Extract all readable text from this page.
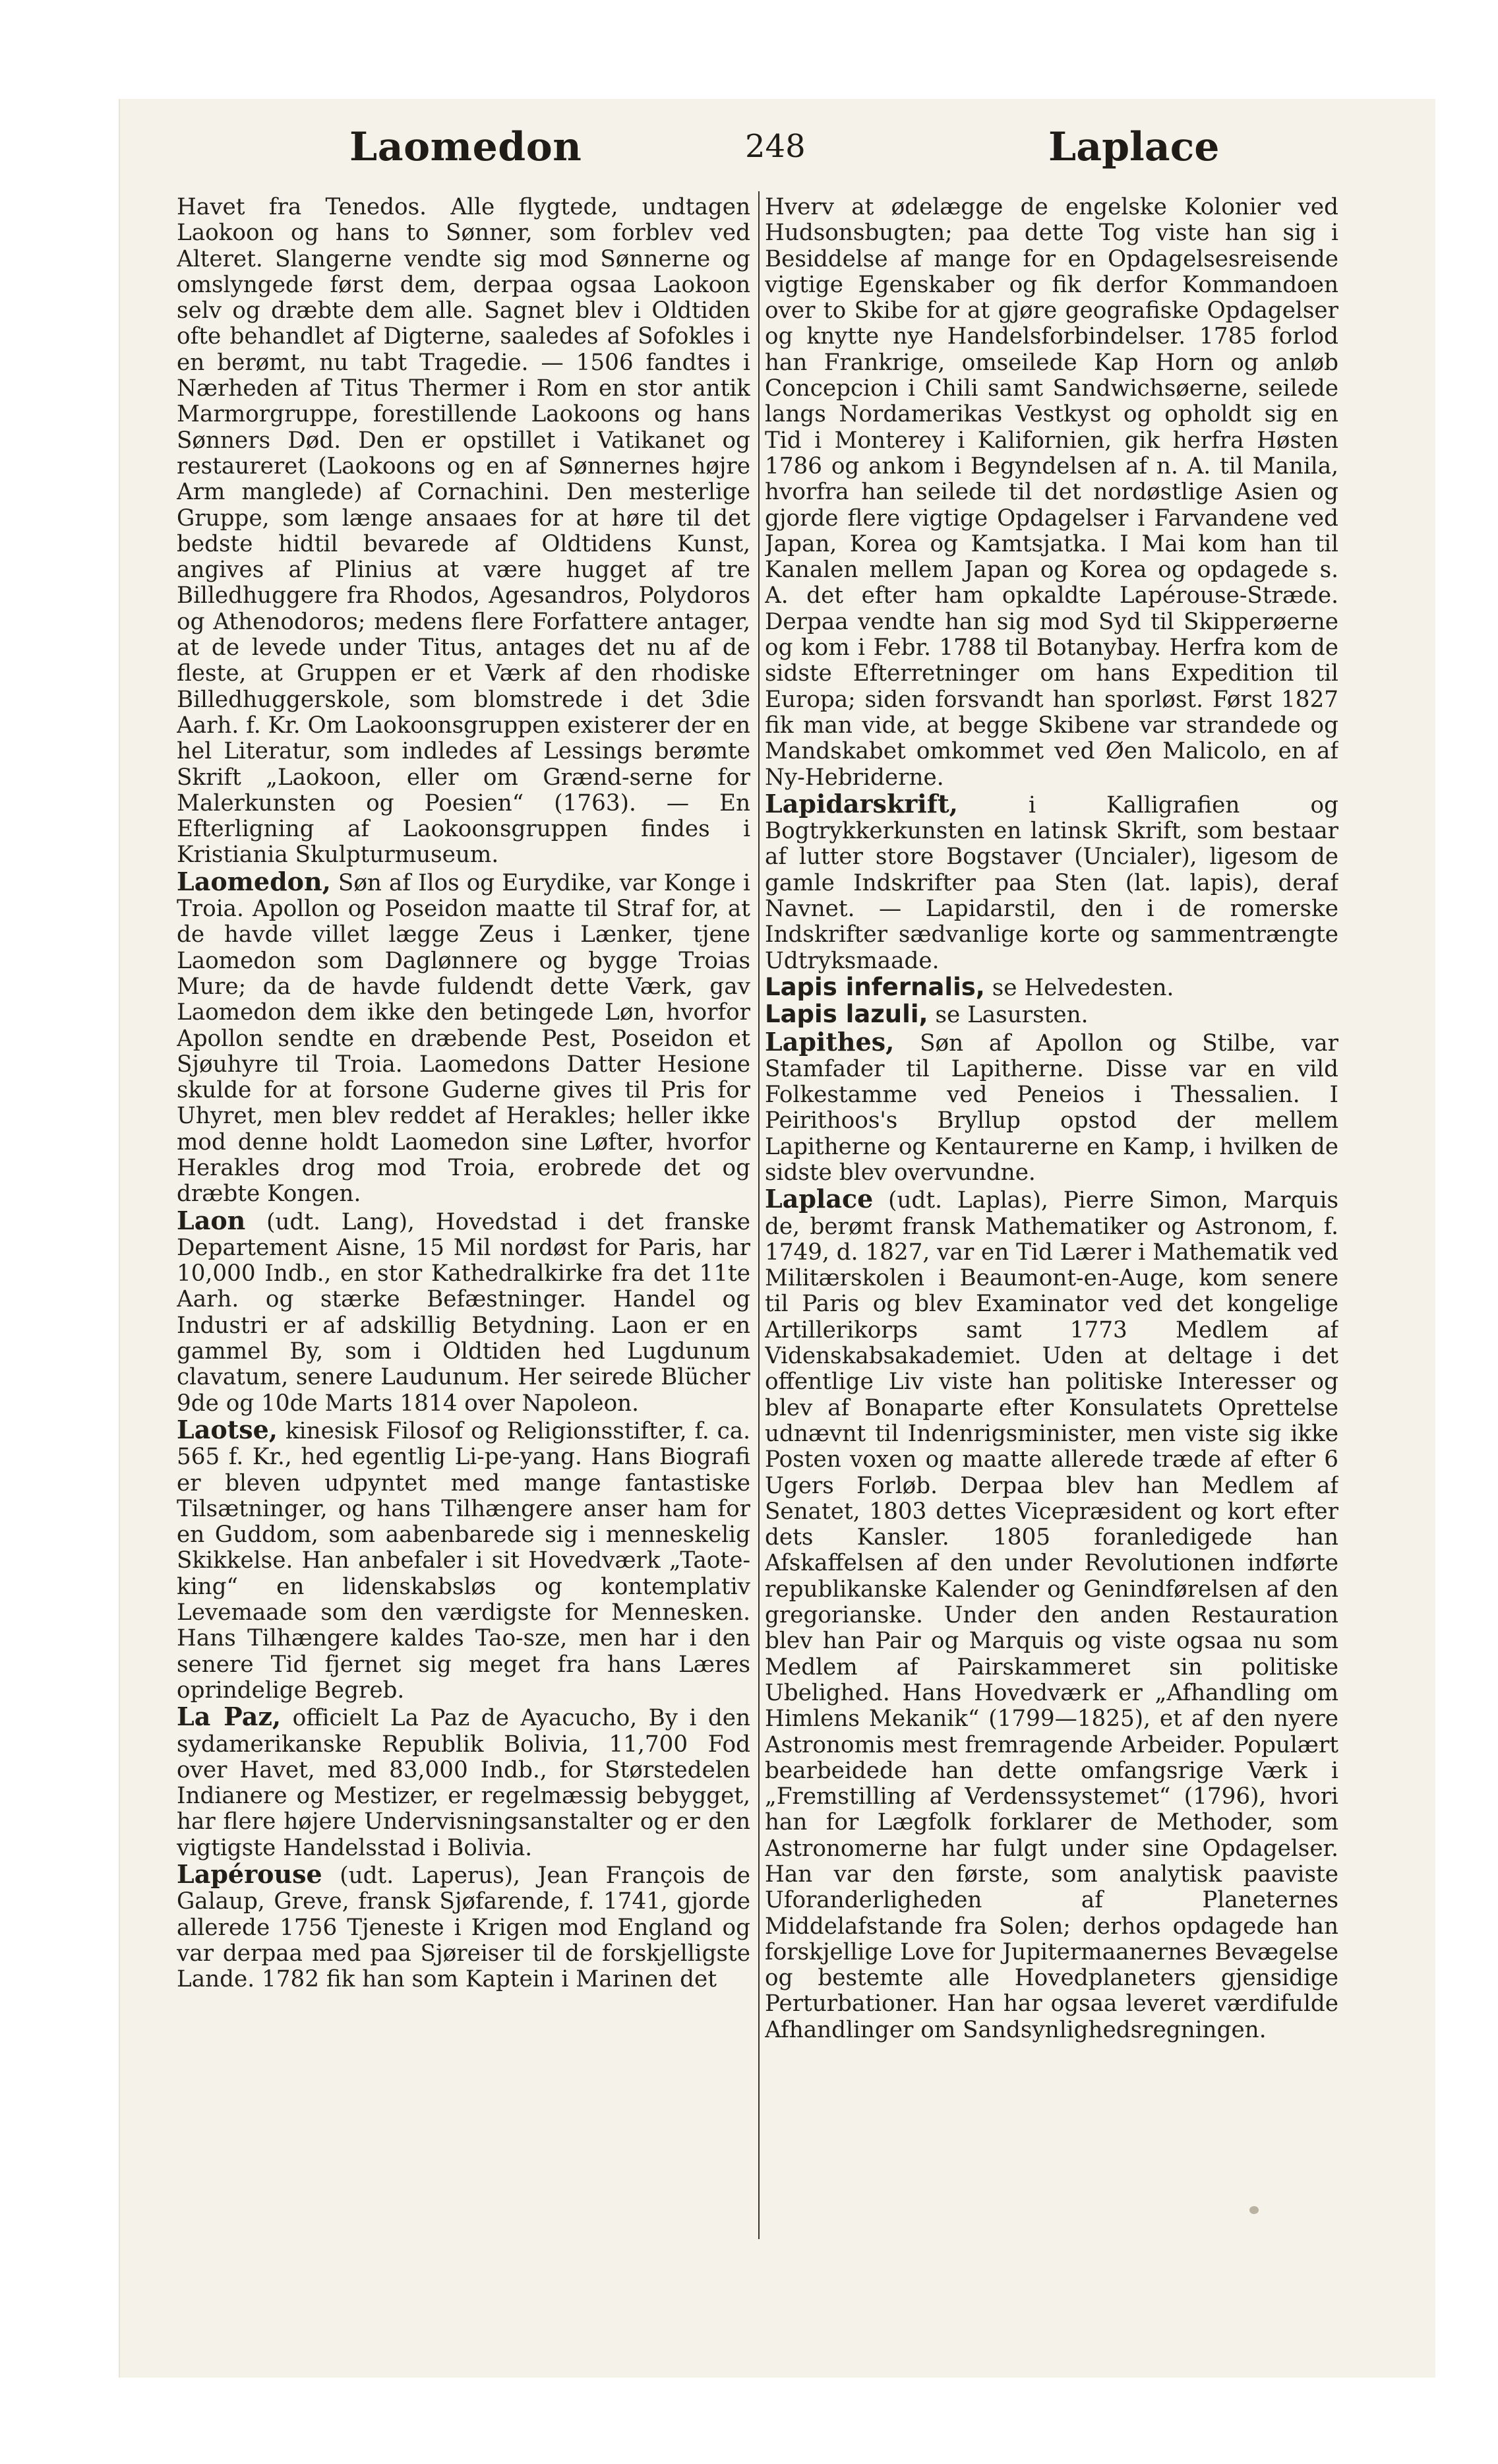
Laomedon	248	Laplace

Havet fra Tenedos. Alle flygtede, undtagen Laokoon og hans to Sønner, som forblev ved Alteret. Slangerne vendte sig mod Sønnerne og omslyngede først dem, derpaa ogsaa Laokoon selv og dræbte dem alle. Sagnet blev i Oldtiden ofte behandlet af Digterne, saaledes af Sofokles i en berømt, nu tabt Tragedie. — 1506 fandtes i Nærheden af Titus Thermer i Rom en stor antik Marmorgruppe, forestillende Laokoons og hans Sønners Død. Den er opstillet i Vatikanet og restaureret (Laokoons og en af Sønnernes højre Arm manglede) af Cornachini. Den mesterlige Gruppe, som længe ansaaes for at høre til det bedste hidtil bevarede af Oldtidens Kunst, angives af Plinius at være hugget af tre Billedhuggere fra Rhodos, Agesandros, Polydoros og Athenodoros; medens flere Forfattere antager, at de levede under Titus, antages det nu af de fleste, at Gruppen er et Værk af den rhodiske Billedhuggerskole, som blomstrede i det 3die Aarh. f. Kr. Om Laokoonsgruppen existerer der en hel Literatur, som indledes af Lessings berømte Skrift „Laokoon, eller om Grænd-serne for Malerkunsten og Poesien“ (1763). — En Efterligning af Laokoonsgruppen findes i Kristiania Skulpturmuseum.

Laomedon, Søn af Ilos og Eurydike, var Konge i Troia. Apollon og Poseidon maatte til Straf for, at de havde villet lægge Zeus i Lænker, tjene Laomedon som Daglønnere og bygge Troias Mure; da de havde fuldendt dette Værk, gav Laomedon dem ikke den betingede Løn, hvorfor Apollon sendte en dræbende Pest, Poseidon et Sjøuhyre til Troia. Laomedons Datter Hesione skulde for at forsone Guderne gives til Pris for Uhyret, men blev reddet af Herakles; heller ikke mod denne holdt Laomedon sine Løfter, hvorfor Herakles drog mod Troia, erobrede det og dræbte Kongen.

Laon (udt. Lang), Hovedstad i det franske Departement Aisne, 15 Mil nordøst for Paris, har 10,000 Indb., en stor Kathedralkirke fra det 11te Aarh. og stærke Befæstninger. Handel og Industri er af adskillig Betydning. Laon er en gammel By, som i Oldtiden hed Lugdunum clavatum, senere Laudunum. Her seirede Blücher 9de og 10de Marts 1814 over Napoleon.

Laotse, kinesisk Filosof og Religionsstifter, f. ca. 565 f. Kr., hed egentlig Li-pe-yang. Hans Biografi er bleven udpyntet med mange fantastiske Tilsætninger, og hans Tilhængere anser ham for en Guddom, som aabenbarede sig i menneskelig Skikkelse. Han anbefaler i sit Hovedværk „Taote-king“ en lidenskabsløs og kontemplativ Levemaade som den værdigste for Mennesken. Hans Tilhængere kaldes Tao-sze, men har i den senere Tid fjernet sig meget fra hans Læres oprindelige Begreb.

La Paz, officielt La Paz de Ayacucho, By i den sydamerikanske Republik Bolivia, 11,700 Fod over Havet, med 83,000 Indb., for Størstedelen Indianere og Mestizer, er regelmæssig bebygget, har flere højere Undervisningsanstalter og er den vigtigste Handelsstad i Bolivia.

Lapérouse (udt. Laperus), Jean François de Galaup, Greve, fransk Sjøfarende, f. 1741, gjorde allerede 1756 Tjeneste i Krigen mod England og var derpaa med paa Sjøreiser til de forskjelligste Lande. 1782 fik han som Kaptein i Marinen det

Hverv at ødelægge de engelske Kolonier ved Hudsonsbugten; paa dette Tog viste han sig i Besiddelse af mange for en Opdagelsesreisende vigtige Egenskaber og fik derfor Kommandoen over to Skibe for at gjøre geografiske Opdagelser og knytte nye Handelsforbindelser. 1785 forlod han Frankrige, omseilede Kap Horn og anløb Concepcion i Chili samt Sandwichsøerne, seilede langs Nordamerikas Vestkyst og opholdt sig en Tid i Monterey i Kalifornien, gik herfra Høsten 1786 og ankom i Begyndelsen af n. A. til Manila, hvorfra han seilede til det nordøstlige Asien og gjorde flere vigtige Opdagelser i Farvandene ved Japan, Korea og Kamtsjatka. I Mai kom han til Kanalen mellem Japan og Korea og opdagede s. A. det efter ham opkaldte Lapérouse-Stræde. Derpaa vendte han sig mod Syd til Skipperøerne og kom i Febr. 1788 til Botanybay. Herfra kom de sidste Efterretninger om hans Expedition til Europa; siden forsvandt han sporløst. Først 1827 fik man vide, at begge Skibene var strandede og Mandskabet omkommet ved Øen Malicolo, en af Ny-Hebriderne.

Lapidarskrift,	i Kalligrafien og Bogtrykkerkunsten en latinsk Skrift, som bestaar af lutter store Bogstaver (Uncialer), ligesom de gamle Indskrifter paa Sten (lat. lapis), deraf Navnet. — Lapidarstil, den i de romerske Indskrifter sædvanlige korte og sammentrængte Udtryksmaade.

Lapis infernalis, se Helvedesten.

Lapis lazuli, se Lasursten.

Lapithes, Søn af Apollon og Stilbe, var Stamfader til Lapitherne. Disse var en vild Folkestamme ved Peneios i Thessalien. I Peirithoos's Bryllup opstod der mellem Lapitherne og Kentaurerne en Kamp, i hvilken de sidste blev overvundne.

Laplace (udt. Laplas), Pierre Simon, Marquis de, berømt fransk Mathematiker og Astronom, f. 1749, d. 1827, var en Tid Lærer i Mathematik ved Militærskolen i Beaumont-en-Auge, kom senere til Paris og blev Examinator ved det kongelige Artillerikorps samt 1773 Medlem af Videnskabsakademiet. Uden at deltage i det offentlige Liv viste han politiske Interesser og blev af Bonaparte efter Konsulatets Oprettelse udnævnt til Indenrigsminister, men viste sig ikke Posten voxen og maatte allerede træde af efter 6 Ugers Forløb. Derpaa blev han Medlem af Senatet, 1803 dettes Vicepræsident og kort efter dets Kansler. 1805 foranledigede han Afskaffelsen af den under Revolutionen indførte republikanske Kalender og Genindførelsen af den gregorianske. Under den anden Restauration blev han Pair og Marquis og viste ogsaa nu som Medlem af Pairskammeret sin politiske Ubelighed. Hans Hovedværk er „Afhandling om Himlens Mekanik“ (1799—1825), et af den nyere Astronomis mest fremragende Arbeider. Populært bearbeidede han dette omfangsrige Værk i „Fremstilling af Verdenssystemet“ (1796), hvori han for Lægfolk forklarer de Methoder, som Astronomerne har fulgt under sine Opdagelser. Han var den første, som analytisk paaviste Uforanderligheden af Planeternes Middelafstande fra Solen; derhos opdagede han forskjellige Love for Jupitermaanernes Bevægelse og bestemte alle Hovedplaneters gjensidige Perturbationer. Han har ogsaa leveret værdifulde Afhandlinger om Sandsynlighedsregningen.
